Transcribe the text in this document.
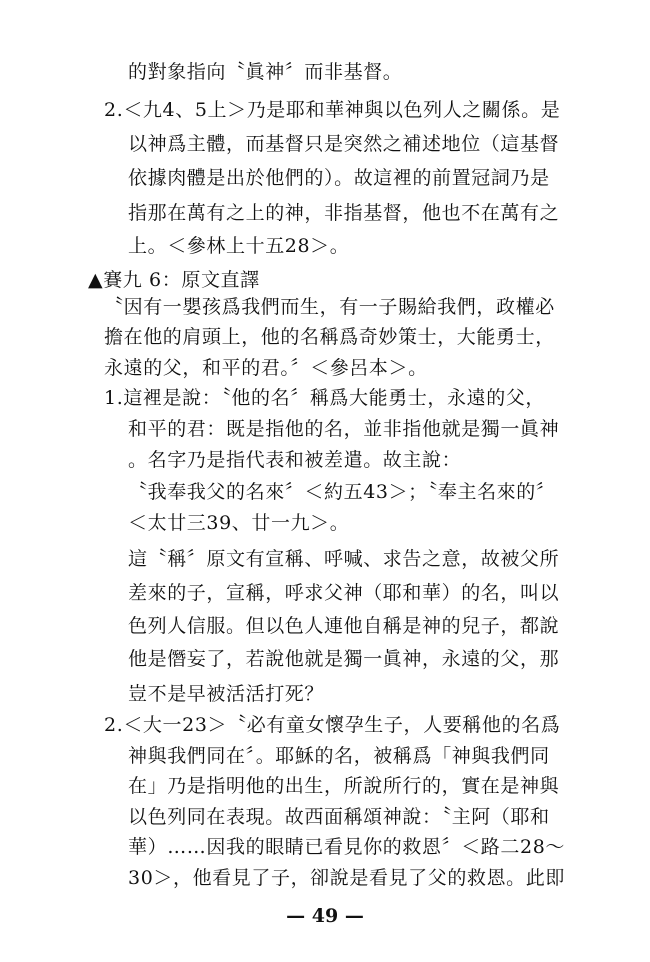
的對象指向〝眞神〞而非基督。
2.＜九4、5上＞乃是耶和華神與以色列人之關係。是
以神爲主體，而基督只是突然之補述地位（這基督
依據肉體是出於他們的）。故這裡的前置冠詞乃是
指那在萬有之上的神，非指基督，他也不在萬有之
上。＜參林上十五28＞。
▲賽九 6：原文直譯
〝因有一嬰孩爲我們而生，有一子賜給我們，政權必
擔在他的肩頭上，他的名稱爲奇妙策士，大能勇士，
永遠的父，和平的君。〞＜參呂本＞。
1.這裡是說：〝他的名〞稱爲大能勇士，永遠的父，
和平的君：既是指他的名，並非指他就是獨一眞神
。名字乃是指代表和被差遣。故主說：
〝我奉我父的名來〞＜約五43＞；〝奉主名來的〞
＜太廿三39、廿一九＞。
這〝稱〞原文有宣稱、呼喊、求告之意，故被父所
差來的子，宣稱，呼求父神（耶和華）的名，叫以
色列人信服。但以色人連他自稱是神的兒子，都說
他是僭妄了，若說他就是獨一眞神，永遠的父，那
豈不是早被活活打死？
2.＜大一23＞〝必有童女懷孕生子，人要稱他的名爲
神與我們同在〞。耶穌的名，被稱爲「神與我們同
在」乃是指明他的出生，所說所行的，實在是神與
以色列同在表現。故西面稱頌神說：〝主阿（耶和
華）……因我的眼睛已看見你的救恩〞＜路二28～
30＞，他看見了子，卻說是看見了父的救恩。此即
— 49 —
